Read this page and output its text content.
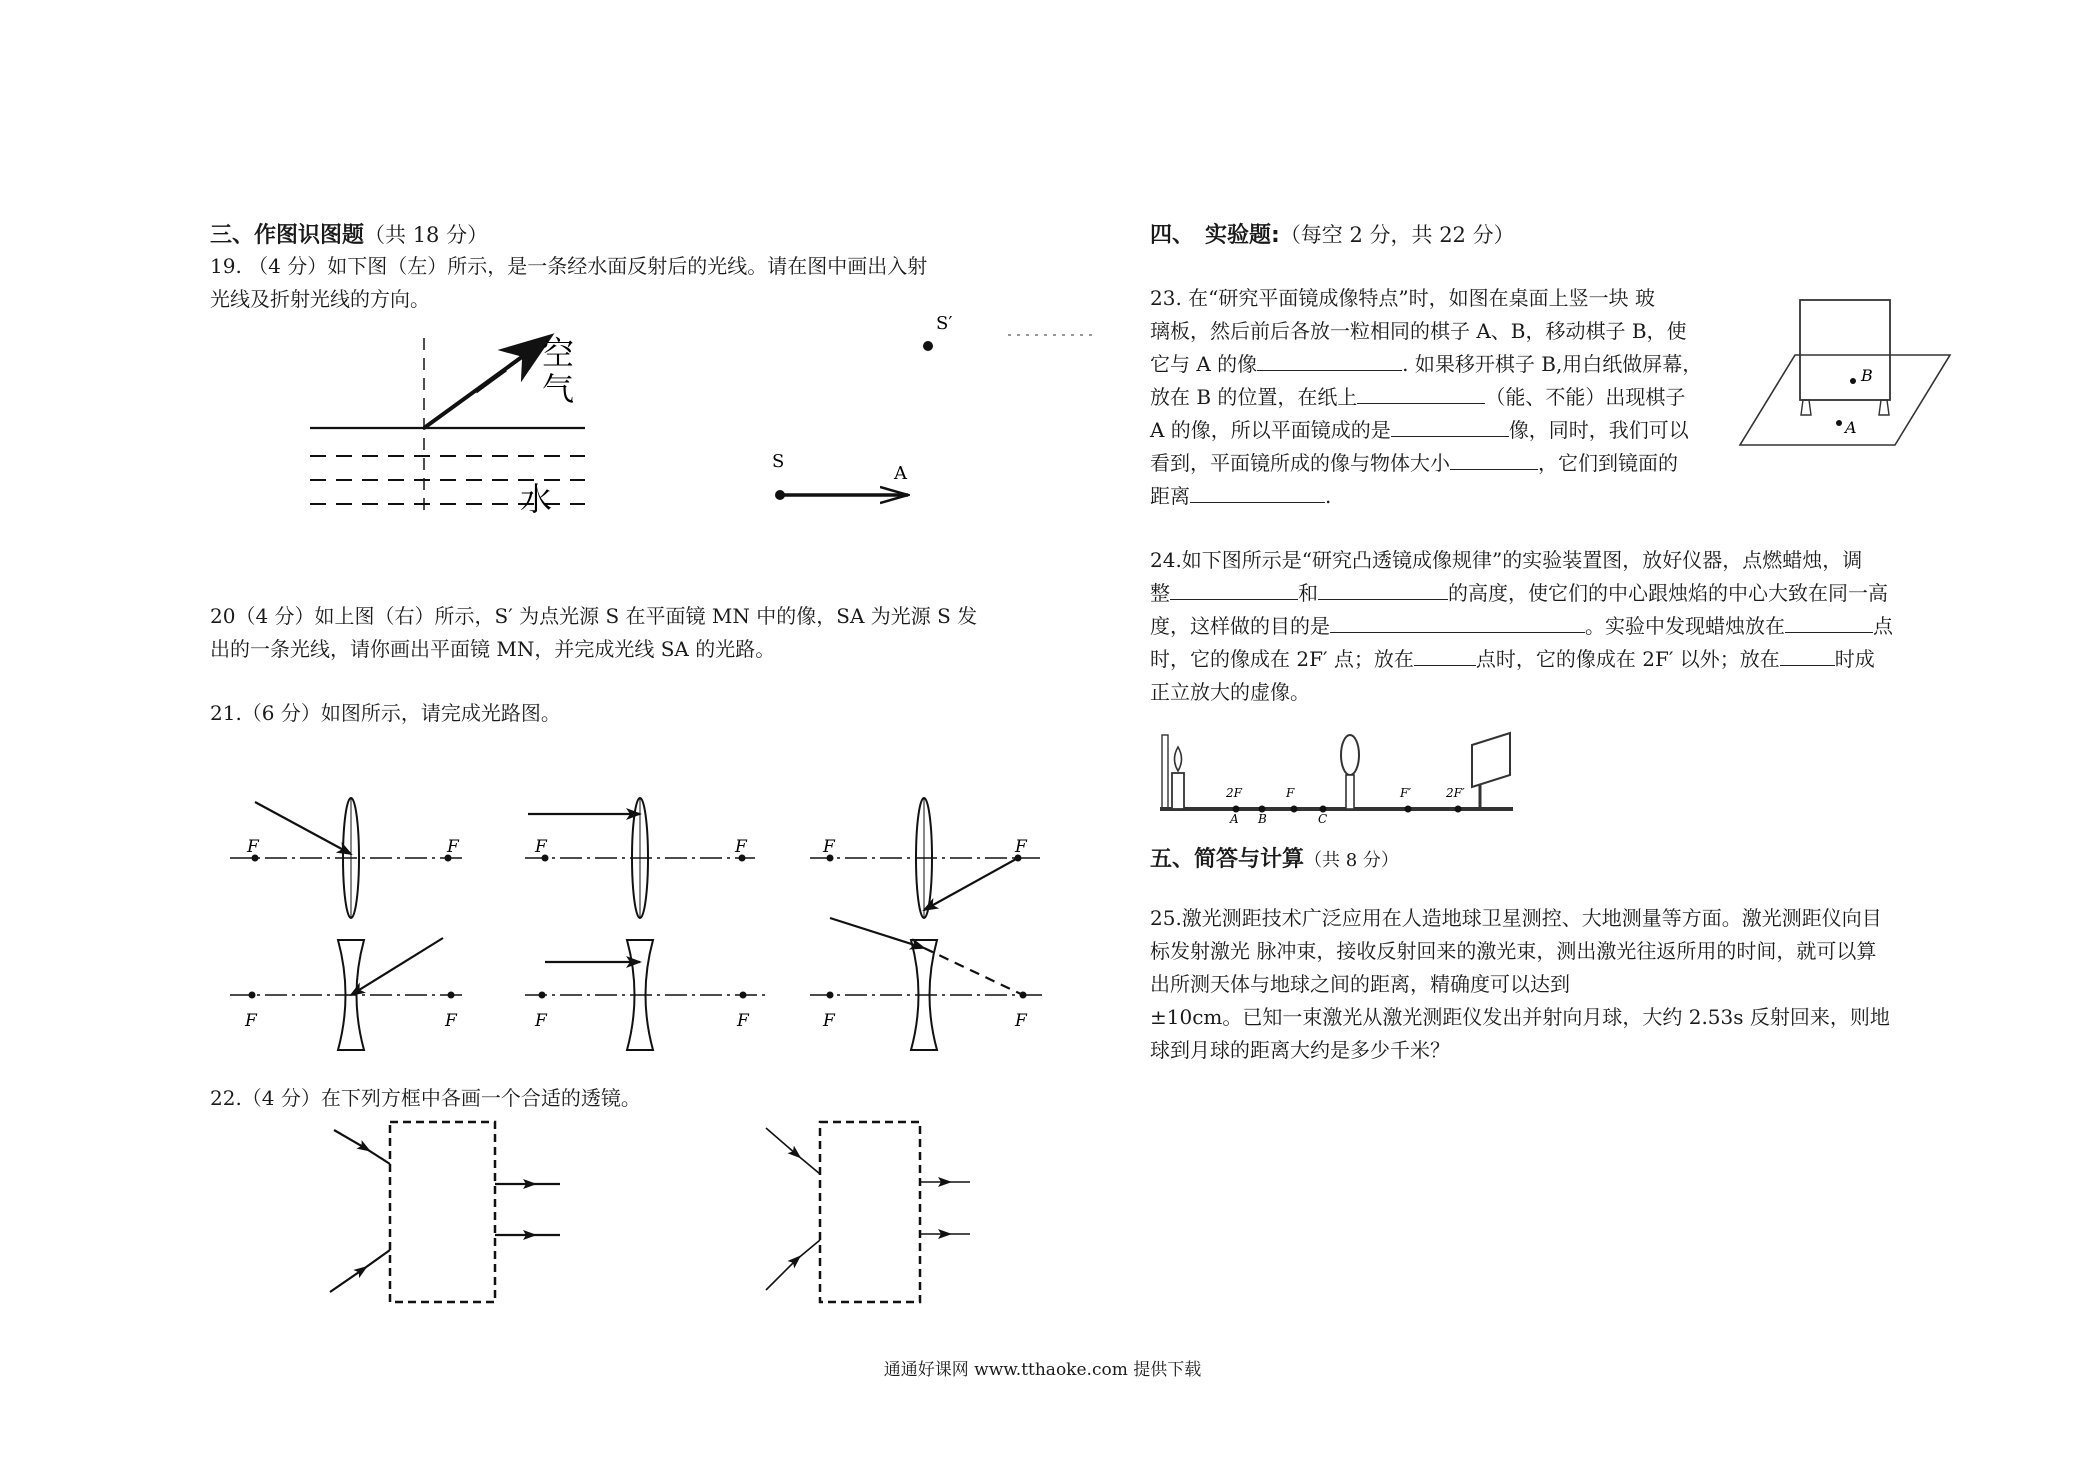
三、作图识图题（共 18 分）
19. （4 分）如下图（左）所示，是一条经水面反射后的光线。请在图中画出入射
光线及折射光线的方向。
空
气
水
S′
S
A
20（4 分）如上图（右）所示，S′ 为点光源 S 在平面镜 MN 中的像，SA 为光源 S 发
出的一条光线，请你画出平面镜 MN，并完成光线 SA 的光路。
21.（6 分）如图所示，请完成光路图。
F	F	F	F	F	F
F	F	F	F	F	F
22.（4 分）在下列方框中各画一个合适的透镜。
四、　实验题:（每空 2 分，共 22 分）
23. 在“研究平面镜成像特点”时，如图在桌面上竖一块 玻
璃板，然后前后各放一粒相同的棋子 A、B，移动棋子 B，使
它与 A 的像	. 如果移开棋子 B,用白纸做屏幕，
放在 B 的位置，在纸上	（能、不能）出现棋子
A 的像，所以平面镜成的是	像，同时，我们可以
看到，平面镜所成的像与物体大小	，它们到镜面的
距离	.
B
A
24.如下图所示是“研究凸透镜成像规律”的实验装置图，放好仪器，点燃蜡烛，调
整	和	的高度，使它们的中心跟烛焰的中心大致在同一高
度，这样做的目的是	。实验中发现蜡烛放在	点
时，它的像成在 2F′ 点；放在	点时，它的像成在 2F′ 以外；放在	时成
正立放大的虚像。
2F	F	F′	2F′
A B	C
五、简答与计算（共 8 分）
25.激光测距技术广泛应用在人造地球卫星测控、大地测量等方面。激光测距仪向目
标发射激光 脉冲束，接收反射回来的激光束，测出激光往返所用的时间，就可以算
出所测天体与地球之间的距离，精确度可以达到
±10cm。已知一束激光从激光测距仪发出并射向月球，大约 2.53s 反射回来，则地
球到月球的距离大约是多少千米？
通通好课网 www.tthaoke.com 提供下载
